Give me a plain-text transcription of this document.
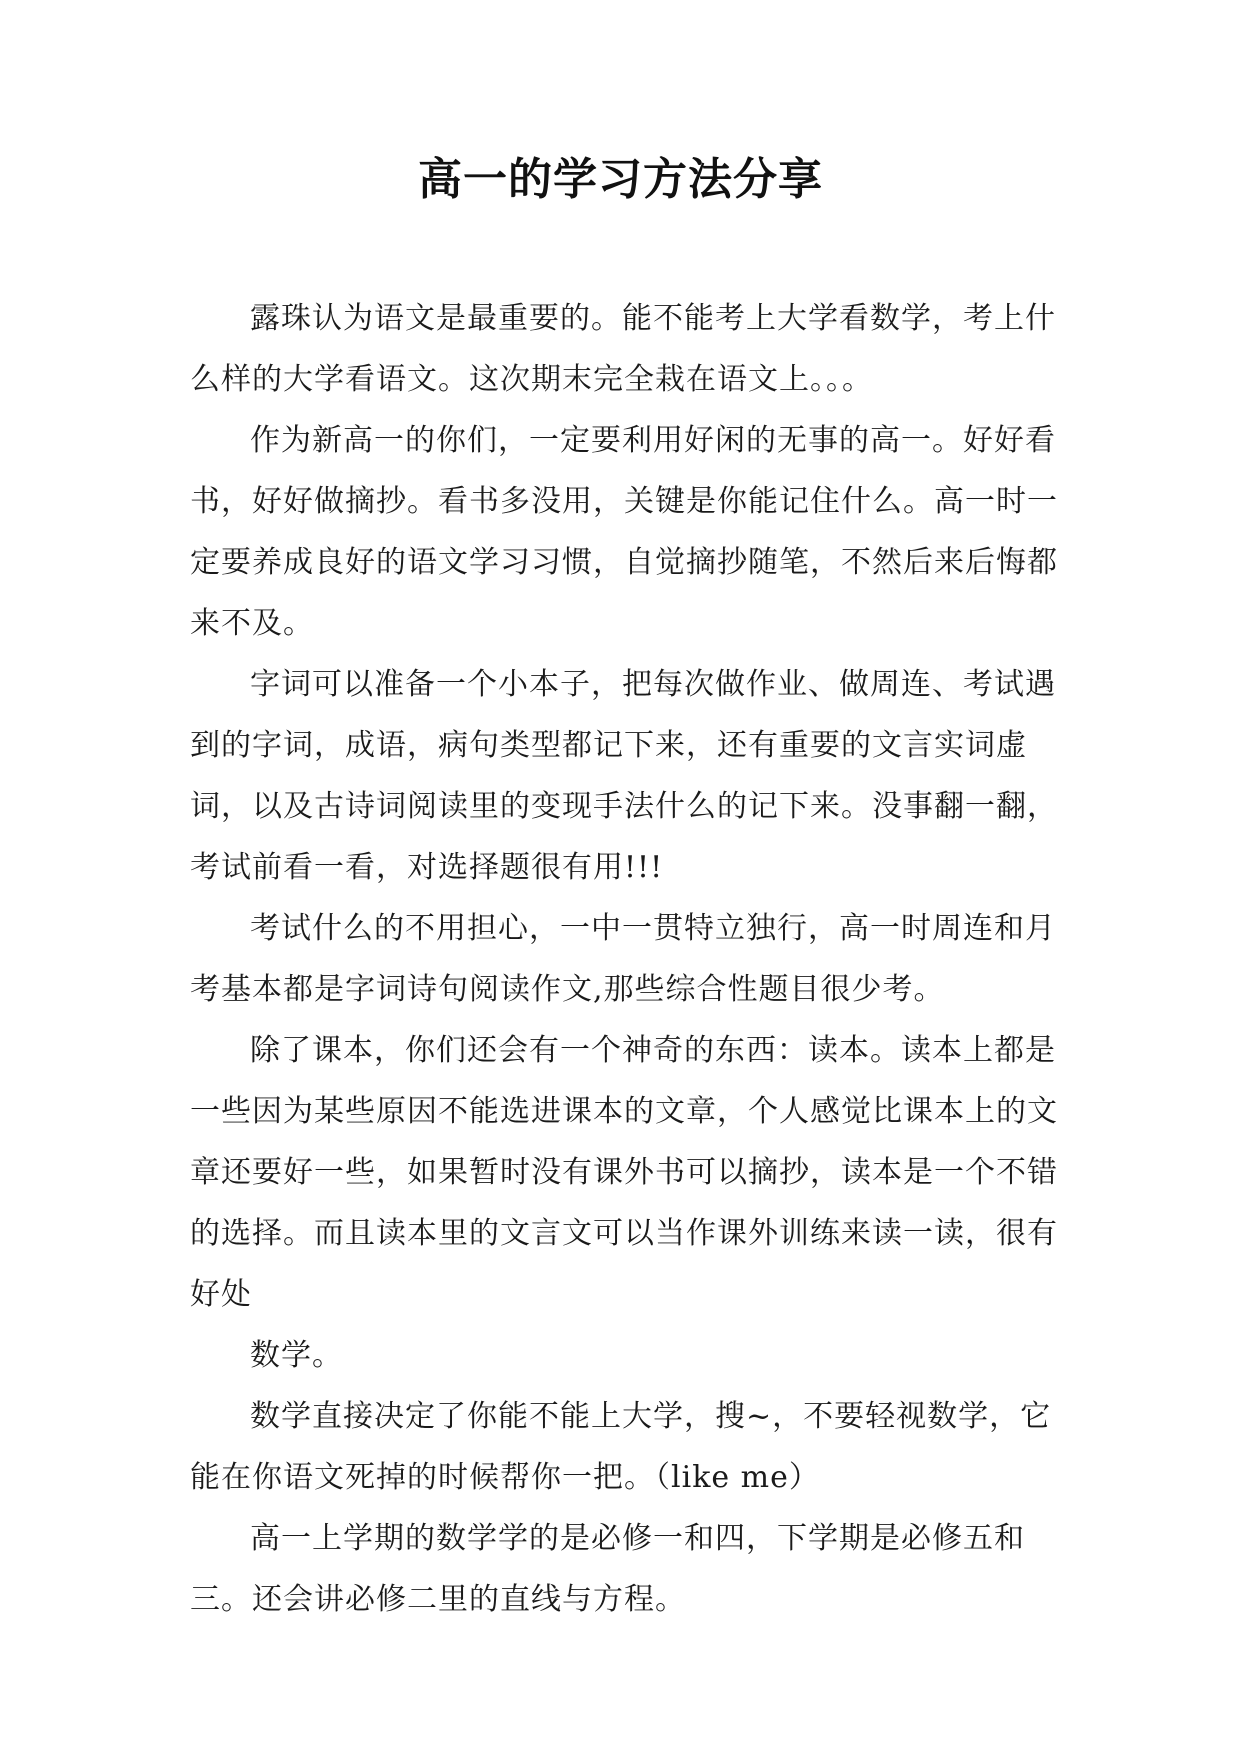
高一的学习方法分享

露珠认为语文是最重要的。能不能考上大学看数学，考上什么样的大学看语文。这次期末完全栽在语文上。。。

作为新高一的你们，一定要利用好闲的无事的高一。好好看书，好好做摘抄。看书多没用，关键是你能记住什么。高一时一定要养成良好的语文学习习惯，自觉摘抄随笔，不然后来后悔都来不及。

字词可以准备一个小本子，把每次做作业、做周连、考试遇到的字词，成语，病句类型都记下来，还有重要的文言实词虚词，以及古诗词阅读里的变现手法什么的记下来。没事翻一翻，考试前看一看，对选择题很有用!!!

考试什么的不用担心，一中一贯特立独行，高一时周连和月考基本都是字词诗句阅读作文,那些综合性题目很少考。

除了课本，你们还会有一个神奇的东西：读本。读本上都是一些因为某些原因不能选进课本的文章，个人感觉比课本上的文章还要好一些，如果暂时没有课外书可以摘抄，读本是一个不错的选择。而且读本里的文言文可以当作课外训练来读一读，很有好处

数学。

数学直接决定了你能不能上大学，搜~，不要轻视数学，它能在你语文死掉的时候帮你一把。（like me）

高一上学期的数学学的是必修一和四，下学期是必修五和三。还会讲必修二里的直线与方程。
